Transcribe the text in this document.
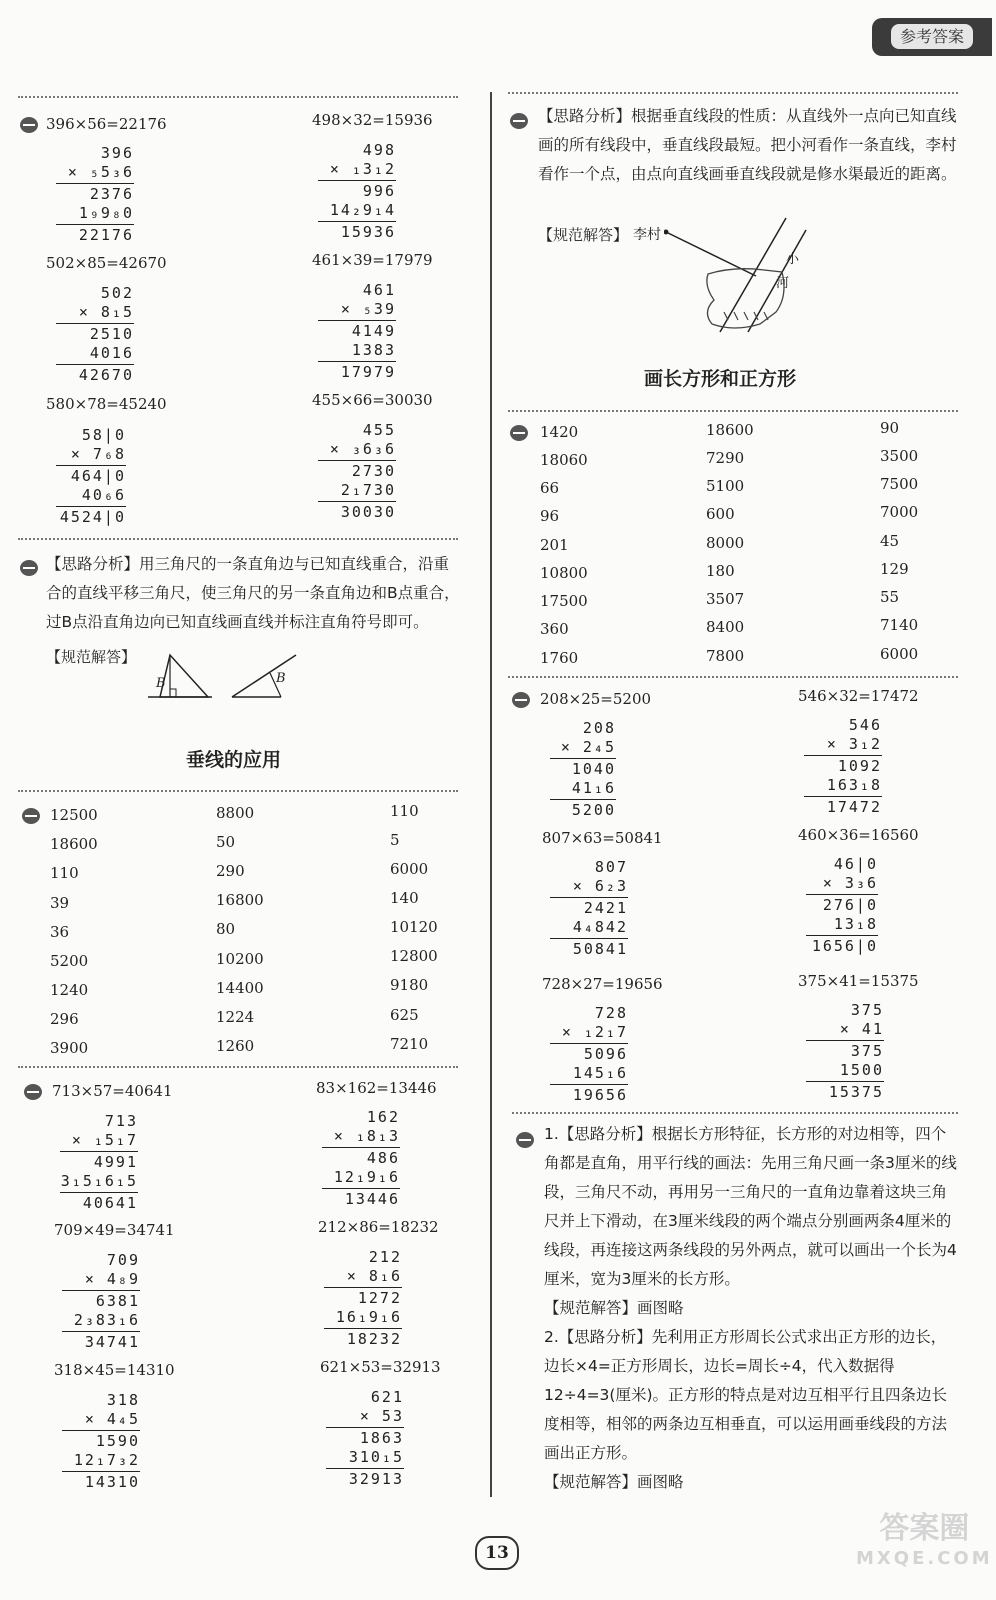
参考答案
396×56=22176	498×32=15936
502×85=42670	461×39=17979
580×78=45240	455×66=30030
396
× ₅5₃6
2376
1₉9₈0
22176
498
× ₁3₁2
996
14₂9₁4
15936
502
× 8₁5
2510
4016
42670
461
× ₅39
4149
1383
17979
58|0
× 7₆8
464|0
40₆6
4524|0
455
× ₃6₃6
2730
2₁730
30030
【思路分析】用三角尺的一条直角边与已知直线重合，沿重合的直线平移三角尺，使三角尺的另一条直角边和B点重合，过B点沿直角边向已知直线画直线并标注直角符号即可。
【规范解答】
B	B
垂线的应用
12500	8800	110
18600	50	5
110	290	6000
39	16800	140
36	80	10120
5200	10200	12800
1240	14400	9180
296	1224	625
3900	1260	7210
713×57=40641	83×162=13446
709×49=34741	212×86=18232
318×45=14310	621×53=32913
713
× ₁5₁7
4991
3₁5₁6₁5
40641
162
× ₁8₁3
486
12₁9₁6
13446
709
× 4₈9
6381
2₃83₁6
34741
212
× 8₁6
1272
16₁9₁6
18232
318
× 4₄5
1590
12₁7₃2
14310
621
× 53
1863
310₁5
32913
【思路分析】根据垂直线段的性质：从直线外一点向已知直线画的所有线段中，垂直线段最短。把小河看作一条直线，李村看作一个点，由点向直线画垂直线段就是修水渠最近的距离。
【规范解答】 李村
小
河
画长方形和正方形
1420	18600	90
18060	7290	3500
66	5100	7500
96	600	7000
201	8000	45
10800	180	129
17500	3507	55
360	8400	7140
1760	7800	6000
208×25=5200	546×32=17472
807×63=50841	460×36=16560
728×27=19656	375×41=15375
208
× 2₄5
1040
41₁6
5200
546
× 3₁2
1092
163₁8
17472
807
× 6₂3
2421
4₄842
50841
46|0
× 3₃6
276|0
13₁8
1656|0
728
× ₁2₁7
5096
145₁6
19656
375
× 41
375
1500
15375
1.【思路分析】根据长方形特征，长方形的对边相等，四个角都是直角，用平行线的画法：先用三角尺画一条3厘米的线段，三角尺不动，再用另一三角尺的一直角边靠着这块三角尺并上下滑动，在3厘米线段的两个端点分别画两条4厘米的线段，再连接这两条线段的另外两点，就可以画出一个长为4厘米，宽为3厘米的长方形。
【规范解答】画图略
2.【思路分析】先利用正方形周长公式求出正方形的边长，边长×4=正方形周长，边长=周长÷4，代入数据得12÷4=3(厘米)。正方形的特点是对边互相平行且四条边长度相等，相邻的两条边互相垂直，可以运用画垂线段的方法画出正方形。
【规范解答】画图略
13
答案圈
MXQE.COM
